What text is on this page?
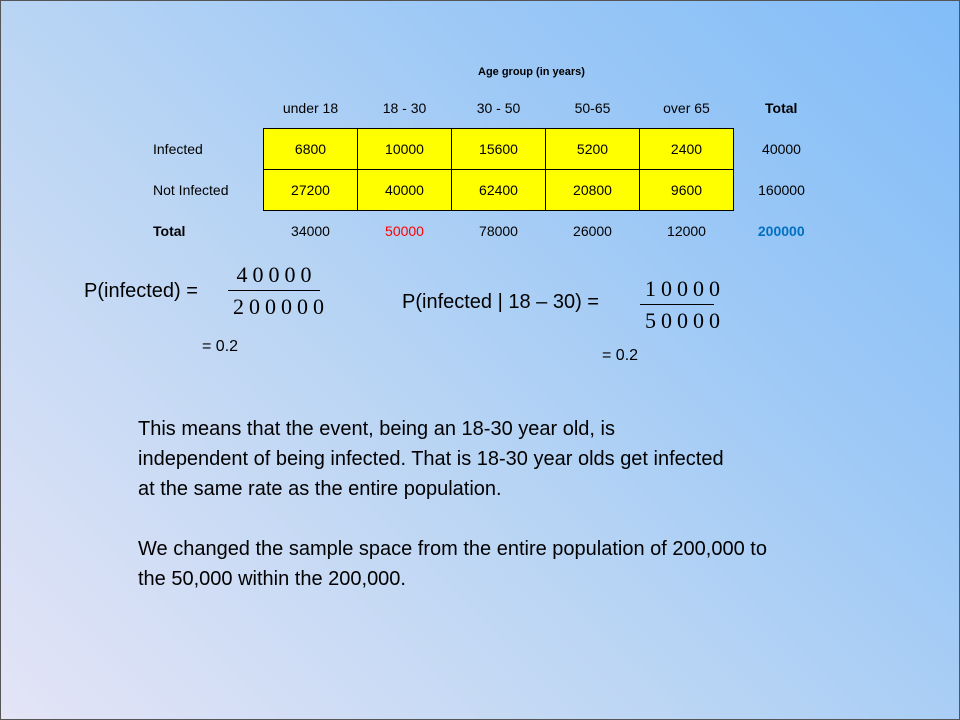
Age group (in years)
	under 18	18 - 30	30 - 50	50-65	over 65	Total
Infected	6800	10000	15600	5200	2400	40000
Not Infected	27200	40000	62400	20800	9600	160000
Total	34000	50000	78000	26000	12000	200000
P(infected) =
40000
200000
= 0.2
P(infected | 18 – 30) =
10000
50000
= 0.2
This means that the event, being an 18-30 year old, is independent of being infected. That is 18-30 year olds get infected at the same rate as the entire population.
We changed the sample space from the entire population of 200,000 to the 50,000 within the 200,000.
